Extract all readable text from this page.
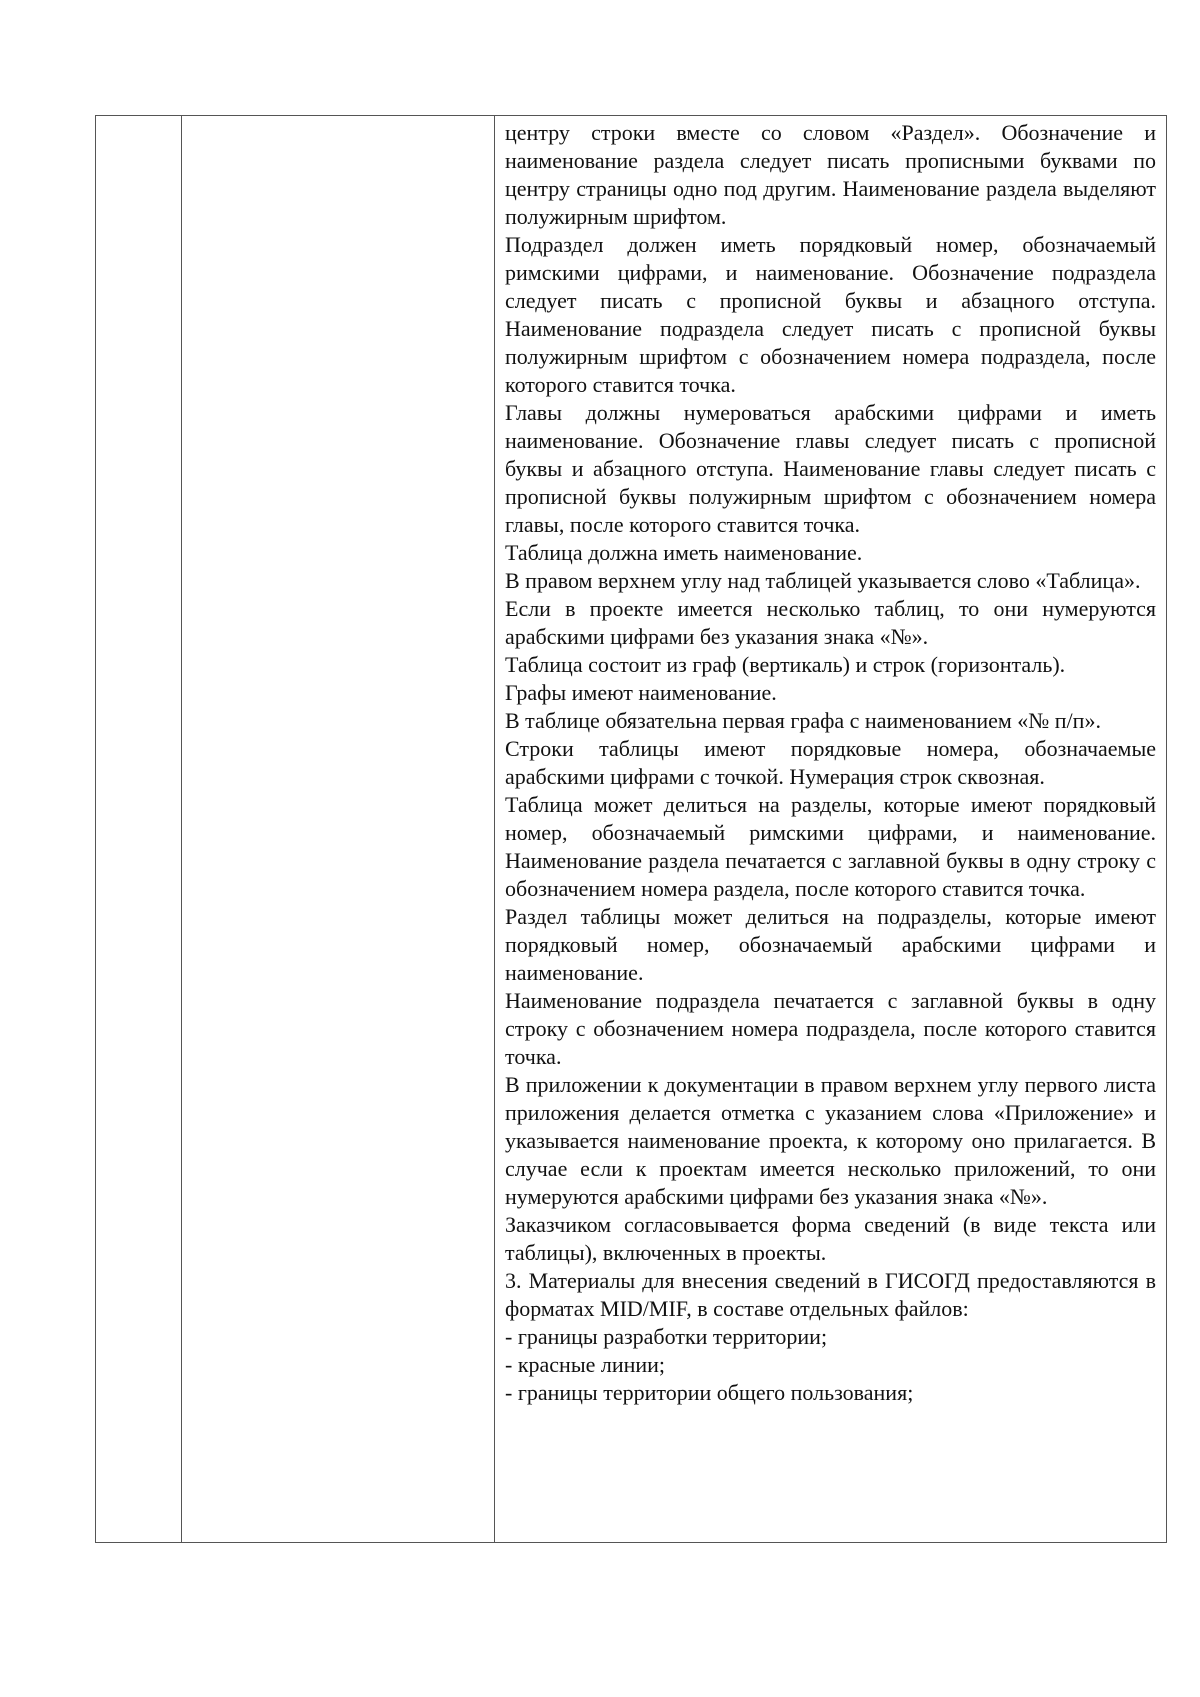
центру строки вместе со словом «Раздел». Обозначение и наименование раздела следует писать прописными буквами по центру страницы одно под другим. Наименование раздела выделяют полужирным шрифтом.

Подраздел должен иметь порядковый номер, обозначаемый римскими цифрами, и наименование. Обозначение подраздела следует писать с прописной буквы и абзацного отступа. Наименование подраздела следует писать с прописной буквы полужирным шрифтом с обозначением номера подраздела, после которого ставится точка.

Главы должны нумероваться арабскими цифрами и иметь наименование. Обозначение главы следует писать с прописной буквы и абзацного отступа. Наименование главы следует писать с прописной буквы полужирным шрифтом с обозначением номера главы, после которого ставится точка.

Таблица должна иметь наименование.

В правом верхнем углу над таблицей указывается слово «Таблица».

Если в проекте имеется несколько таблиц, то они нумеруются арабскими цифрами без указания знака «№».

Таблица состоит из граф (вертикаль) и строк (горизонталь).

Графы имеют наименование.

В таблице обязательна первая графа с наименованием «№ п/п».

Строки таблицы имеют порядковые номера, обозначаемые арабскими цифрами с точкой. Нумерация строк сквозная.

Таблица может делиться на разделы, которые имеют порядковый номер, обозначаемый римскими цифрами, и наименование. Наименование раздела печатается с заглавной буквы в одну строку с обозначением номера раздела, после которого ставится точка.

Раздел таблицы может делиться на подразделы, которые имеют порядковый номер, обозначаемый арабскими цифрами и наименование.

Наименование подраздела печатается с заглавной буквы в одну строку с обозначением номера подраздела, после которого ставится точка.

В приложении к документации в правом верхнем углу первого листа приложения делается отметка с указанием слова «Приложение» и указывается наименование проекта, к которому оно прилагается. В случае если к проектам имеется несколько приложений, то они нумеруются арабскими цифрами без указания знака «№».

Заказчиком согласовывается форма сведений (в виде текста или таблицы), включенных в проекты.

3. Материалы для внесения сведений в ГИСОГД предоставляются в форматах MID/MIF, в составе отдельных файлов:

- границы разработки территории;

- красные линии;

- границы территории общего пользования;
